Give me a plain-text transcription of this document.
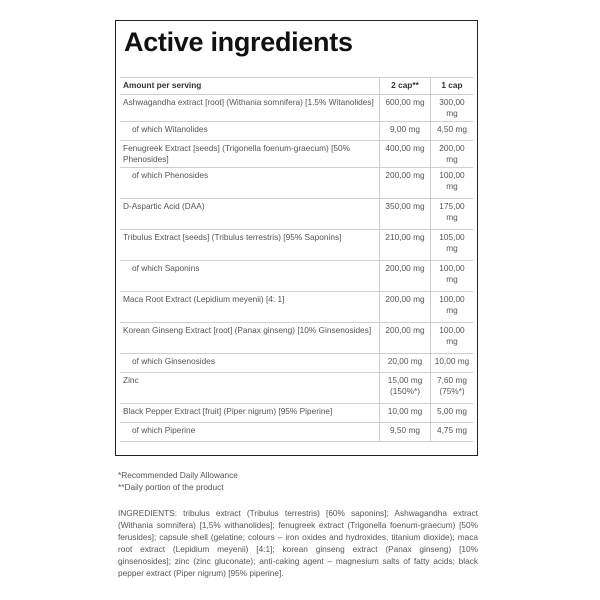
Active ingredients
Amount per serving	2 cap**	1 cap
Ashwagandha extract [root] (Withania somnifera) [1.5% Witanolides]	600,00 mg	300,00 mg
of which Witanolides	9,00 mg	4,50 mg
Fenugreek Extract [seeds] (Trigonella foenum-graecum) [50% Phenosides]	400,00 mg	200,00 mg
of which Phenosides	200,00 mg	100,00 mg
D-Aspartic Acid (DAA)	350,00 mg	175,00 mg
Tribulus Extract [seeds] (Tribulus terrestris) [95% Saponins]	210,00 mg	105,00 mg
of which Saponins	200,00 mg	100,00 mg
Maca Root Extract (Lepidium meyenii) [4: 1]	200,00 mg	100,00 mg
Korean Ginseng Extract [root] (Panax ginseng) [10% Ginsenosides]	200,00 mg	100,00 mg
of which Ginsenosides	20,00 mg	10,00 mg
Zinc	15,00 mg (150%*)	7,60 mg (75%*)
Black Pepper Extract [fruit] (Piper nigrum) [95% Piperine]	10,00 mg	5,00 mg
of which Piperine	9,50 mg	4,75 mg

*Recommended Daily Allowance

**Daily portion of the product

INGREDIENTS: tribulus extract (Tribulus terrestris) [60% saponins]; Ashwagandha extract (Withania somnifera) [1,5% withanolides]; fenugreek extract (Trigonella foenum-graecum) [50% ferusides]; capsule shell (gelatine; colours – iron oxides and hydroxides, titanium dioxide); maca root extract (Lepidium meyenii) [4:1]; korean ginseng extract (Panax ginseng) [10% ginsenosides]; zinc (zinc gluconate); anti-caking agent – magnesium salts of fatty acids; black pepper extract (Piper nigrum) [95% piperine].
